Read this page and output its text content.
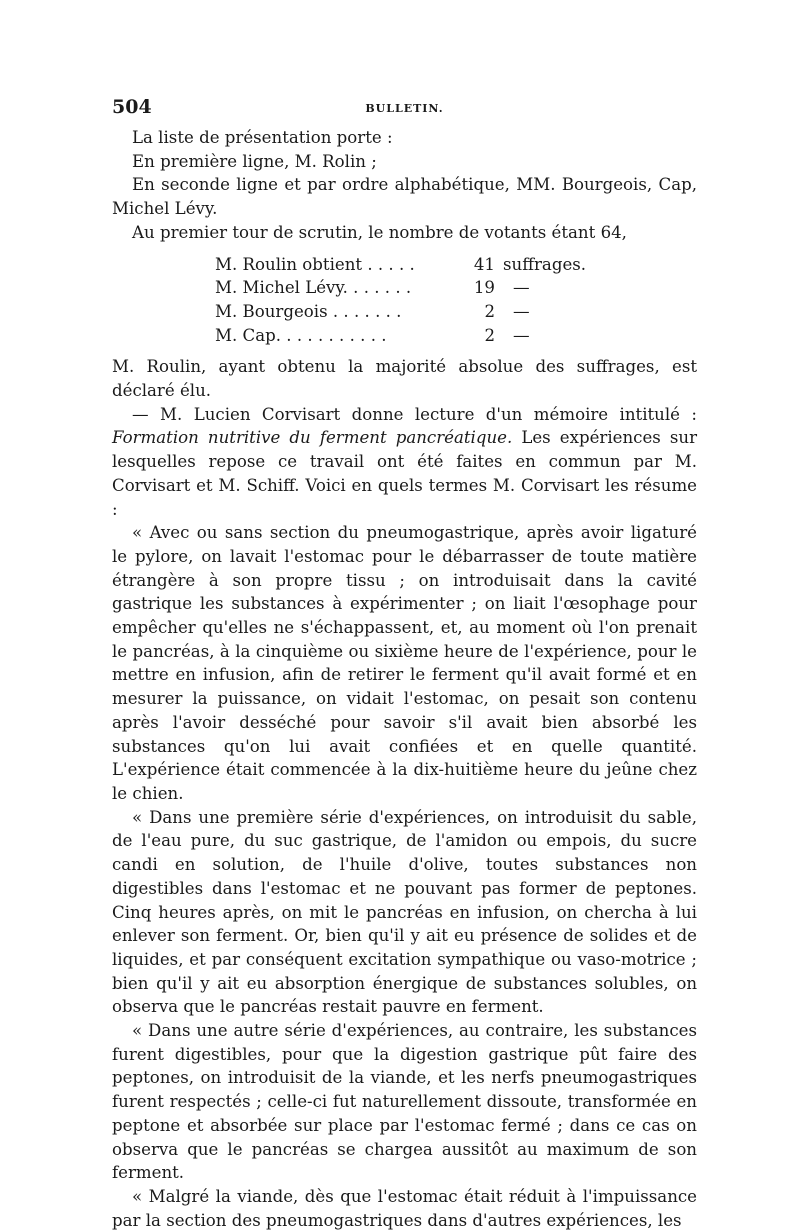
504	BULLETIN.

La liste de présentation porte :

En première ligne, M. Rolin ;

En seconde ligne et par ordre alphabétique, MM. Bourgeois, Cap, Michel Lévy.

Au premier tour de scrutin, le nombre de votants étant 64,

M. Roulin obtient . . . . .	41	suffrages.
M. Michel Lévy. . . . . . .	19	—
M. Bourgeois . . . . . . .	2	—
M. Cap. . . . . . . . . . .	2	—

M. Roulin, ayant obtenu la majorité absolue des suffrages, est déclaré élu.

— M. Lucien Corvisart donne lecture d'un mémoire intitulé : Formation nutritive du ferment pancréatique. Les expériences sur lesquelles repose ce travail ont été faites en commun par M. Corvisart et M. Schiff. Voici en quels termes M. Corvisart les résume :

« Avec ou sans section du pneumogastrique, après avoir ligaturé le pylore, on lavait l'estomac pour le débarrasser de toute matière étrangère à son propre tissu ; on introduisait dans la cavité gastrique les substances à expérimenter ; on liait l'œsophage pour empêcher qu'elles ne s'échappassent, et, au moment où l'on prenait le pancréas, à la cinquième ou sixième heure de l'expérience, pour le mettre en infusion, afin de retirer le ferment qu'il avait formé et en mesurer la puissance, on vidait l'estomac, on pesait son contenu après l'avoir desséché pour savoir s'il avait bien absorbé les substances qu'on lui avait confiées et en quelle quantité. L'expérience était commencée à la dix-huitième heure du jeûne chez le chien.

« Dans une première série d'expériences, on introduisit du sable, de l'eau pure, du suc gastrique, de l'amidon ou empois, du sucre candi en solution, de l'huile d'olive, toutes substances non digestibles dans l'estomac et ne pouvant pas former de peptones. Cinq heures après, on mit le pancréas en infusion, on chercha à lui enlever son ferment. Or, bien qu'il y ait eu présence de solides et de liquides, et par conséquent excitation sympathique ou vaso-motrice ; bien qu'il y ait eu absorption énergique de substances solubles, on observa que le pancréas restait pauvre en ferment.

« Dans une autre série d'expériences, au contraire, les substances furent digestibles, pour que la digestion gastrique pût faire des peptones, on introduisit de la viande, et les nerfs pneumogastriques furent respectés ; celle-ci fut naturellement dissoute, transformée en peptone et absorbée sur place par l'estomac fermé ; dans ce cas on observa que le pancréas se chargea aussitôt au maximum de son ferment.

« Malgré la viande, dès que l'estomac était réduit à l'impuissance par la section des pneumogastriques dans d'autres expériences, les
